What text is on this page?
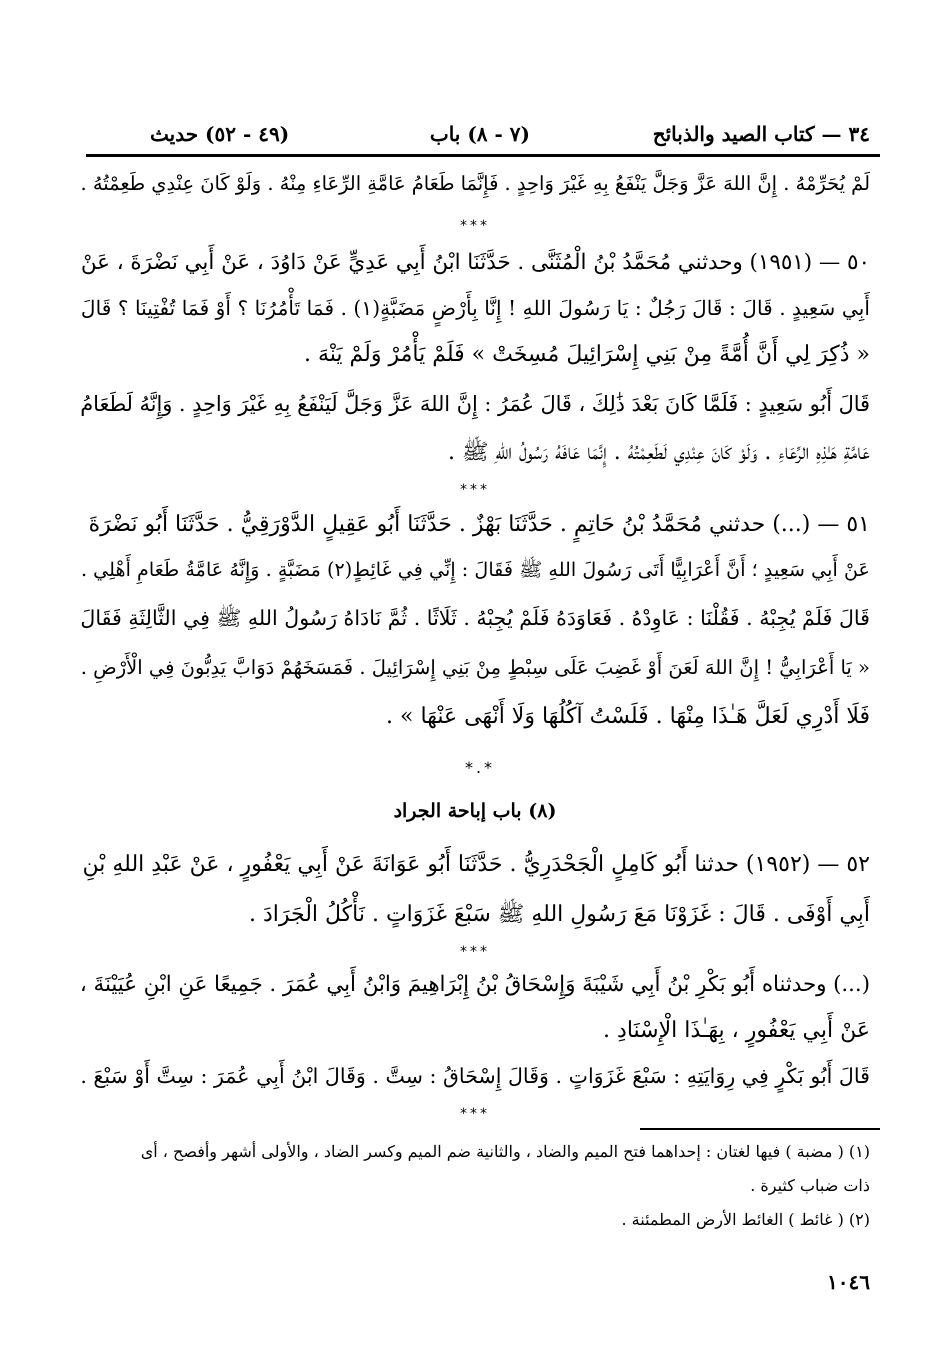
٣٤ — كتاب الصيد والذبائح
(٧ - ٨) باب
(٤٩ - ٥٢) حديث
لَمْ يُحَرِّمْهُ . إِنَّ اللهَ عَزَّ وَجَلَّ يَنْفَعُ بِهِ غَيْرَ وَاحِدٍ . فَإِنَّمَا طَعَامُ عَامَّةِ الرِّعَاءِ مِنْهُ . وَلَوْ كَانَ عِنْدِي طَعِمْتُهُ .
***
٥٠ — (١٩٥١) وحدثني مُحَمَّدُ بْنُ الْمُثَنَّى . حَدَّثَنَا ابْنُ أَبِي عَدِيٍّ عَنْ دَاوُدَ ، عَنْ أَبِي نَضْرَةَ ، عَنْ
أَبِي سَعِيدٍ . قَالَ : قَالَ رَجُلٌ : يَا رَسُولَ اللهِ ! إِنَّا بِأَرْضٍ مَضَبَّةٍ(١) . فَمَا تَأْمُرُنَا ؟ أَوْ فَمَا تُفْتِينَا ؟ قَالَ
« ذُكِرَ لِي أَنَّ أُمَّةً مِنْ بَنِي إِسْرَائِيلَ مُسِخَتْ » فَلَمْ يَأْمُرْ وَلَمْ يَنْهَ .
قَالَ أَبُو سَعِيدٍ : فَلَمَّا كَانَ بَعْدَ ذَٰلِكَ ، قَالَ عُمَرُ : إِنَّ اللهَ عَزَّ وَجَلَّ لَيَنْفَعُ بِهِ غَيْرَ وَاحِدٍ . وَإِنَّهُ لَطَعَامُ
عَامَّةِ هَـٰذِهِ الرِّعَاءِ . وَلَوْ كَانَ عِنْدِي لَطَعِمْتُهُ . إِنَّمَا عَافَهُ رَسُولُ اللهِ ﷺ .
***
٥١ — (...) حدثني مُحَمَّدُ بْنُ حَاتِمٍ . حَدَّثَنَا بَهْزٌ . حَدَّثَنَا أَبُو عَقِيلٍ الدَّوْرَقِيُّ . حَدَّثَنَا أَبُو نَضْرَةَ
عَنْ أَبِي سَعِيدٍ ؛ أَنَّ أَعْرَابِيًّا أَتَى رَسُولَ اللهِ ﷺ فَقَالَ : إِنِّي فِي غَائِطٍ(٢) مَضَبَّةٍ . وَإِنَّهُ عَامَّةُ طَعَامِ أَهْلِي .
قَالَ فَلَمْ يُجِبْهُ . فَقُلْنَا : عَاوِدْهُ . فَعَاوَدَهُ فَلَمْ يُجِبْهُ . ثَلَاثًا . ثُمَّ نَادَاهُ رَسُولُ اللهِ ﷺ فِي الثَّالِثَةِ فَقَالَ
« يَا أَعْرَابِيُّ ! إِنَّ اللهَ لَعَنَ أَوْ غَضِبَ عَلَى سِبْطٍ مِنْ بَنِي إِسْرَائِيلَ . فَمَسَخَهُمْ دَوَابَّ يَدِبُّونَ فِي الْأَرْضِ .
فَلَا أَدْرِي لَعَلَّ هَـٰذَا مِنْهَا . فَلَسْتُ آكُلُهَا وَلَا أَنْهَى عَنْهَا » .
*.*
(٨) باب إباحة الجراد
٥٢ — (١٩٥٢) حدثنا أَبُو كَامِلٍ الْجَحْدَرِيُّ . حَدَّثَنَا أَبُو عَوَانَةَ عَنْ أَبِي يَعْفُورٍ ، عَنْ عَبْدِ اللهِ بْنِ
أَبِي أَوْفَى . قَالَ : غَزَوْنَا مَعَ رَسُولِ اللهِ ﷺ سَبْعَ غَزَوَاتٍ . نَأْكُلُ الْجَرَادَ .
***
(...) وحدثناه أَبُو بَكْرِ بْنُ أَبِي شَيْبَةَ وَإِسْحَاقُ بْنُ إِبْرَاهِيمَ وَابْنُ أَبِي عُمَرَ . جَمِيعًا عَنِ ابْنِ عُيَيْنَةَ ،
عَنْ أَبِي يَعْفُورٍ ، بِهَـٰذَا الْإِسْنَادِ .
قَالَ أَبُو بَكْرٍ فِي رِوَايَتِهِ : سَبْعَ غَزَوَاتٍ . وَقَالَ إِسْحَاقُ : سِتَّ . وَقَالَ ابْنُ أَبِي عُمَرَ : سِتَّ أَوْ سَبْعَ .
***
(١) ( مضبة ) فيها لغتان : إحداهما فتح الميم والضاد ، والثانية ضم الميم وكسر الضاد ، والأولى أشهر وأفصح ، أى
ذات ضباب كثيرة .
(٢) ( غائط ) الغائط الأرض المطمئنة .
١٠٤٦
